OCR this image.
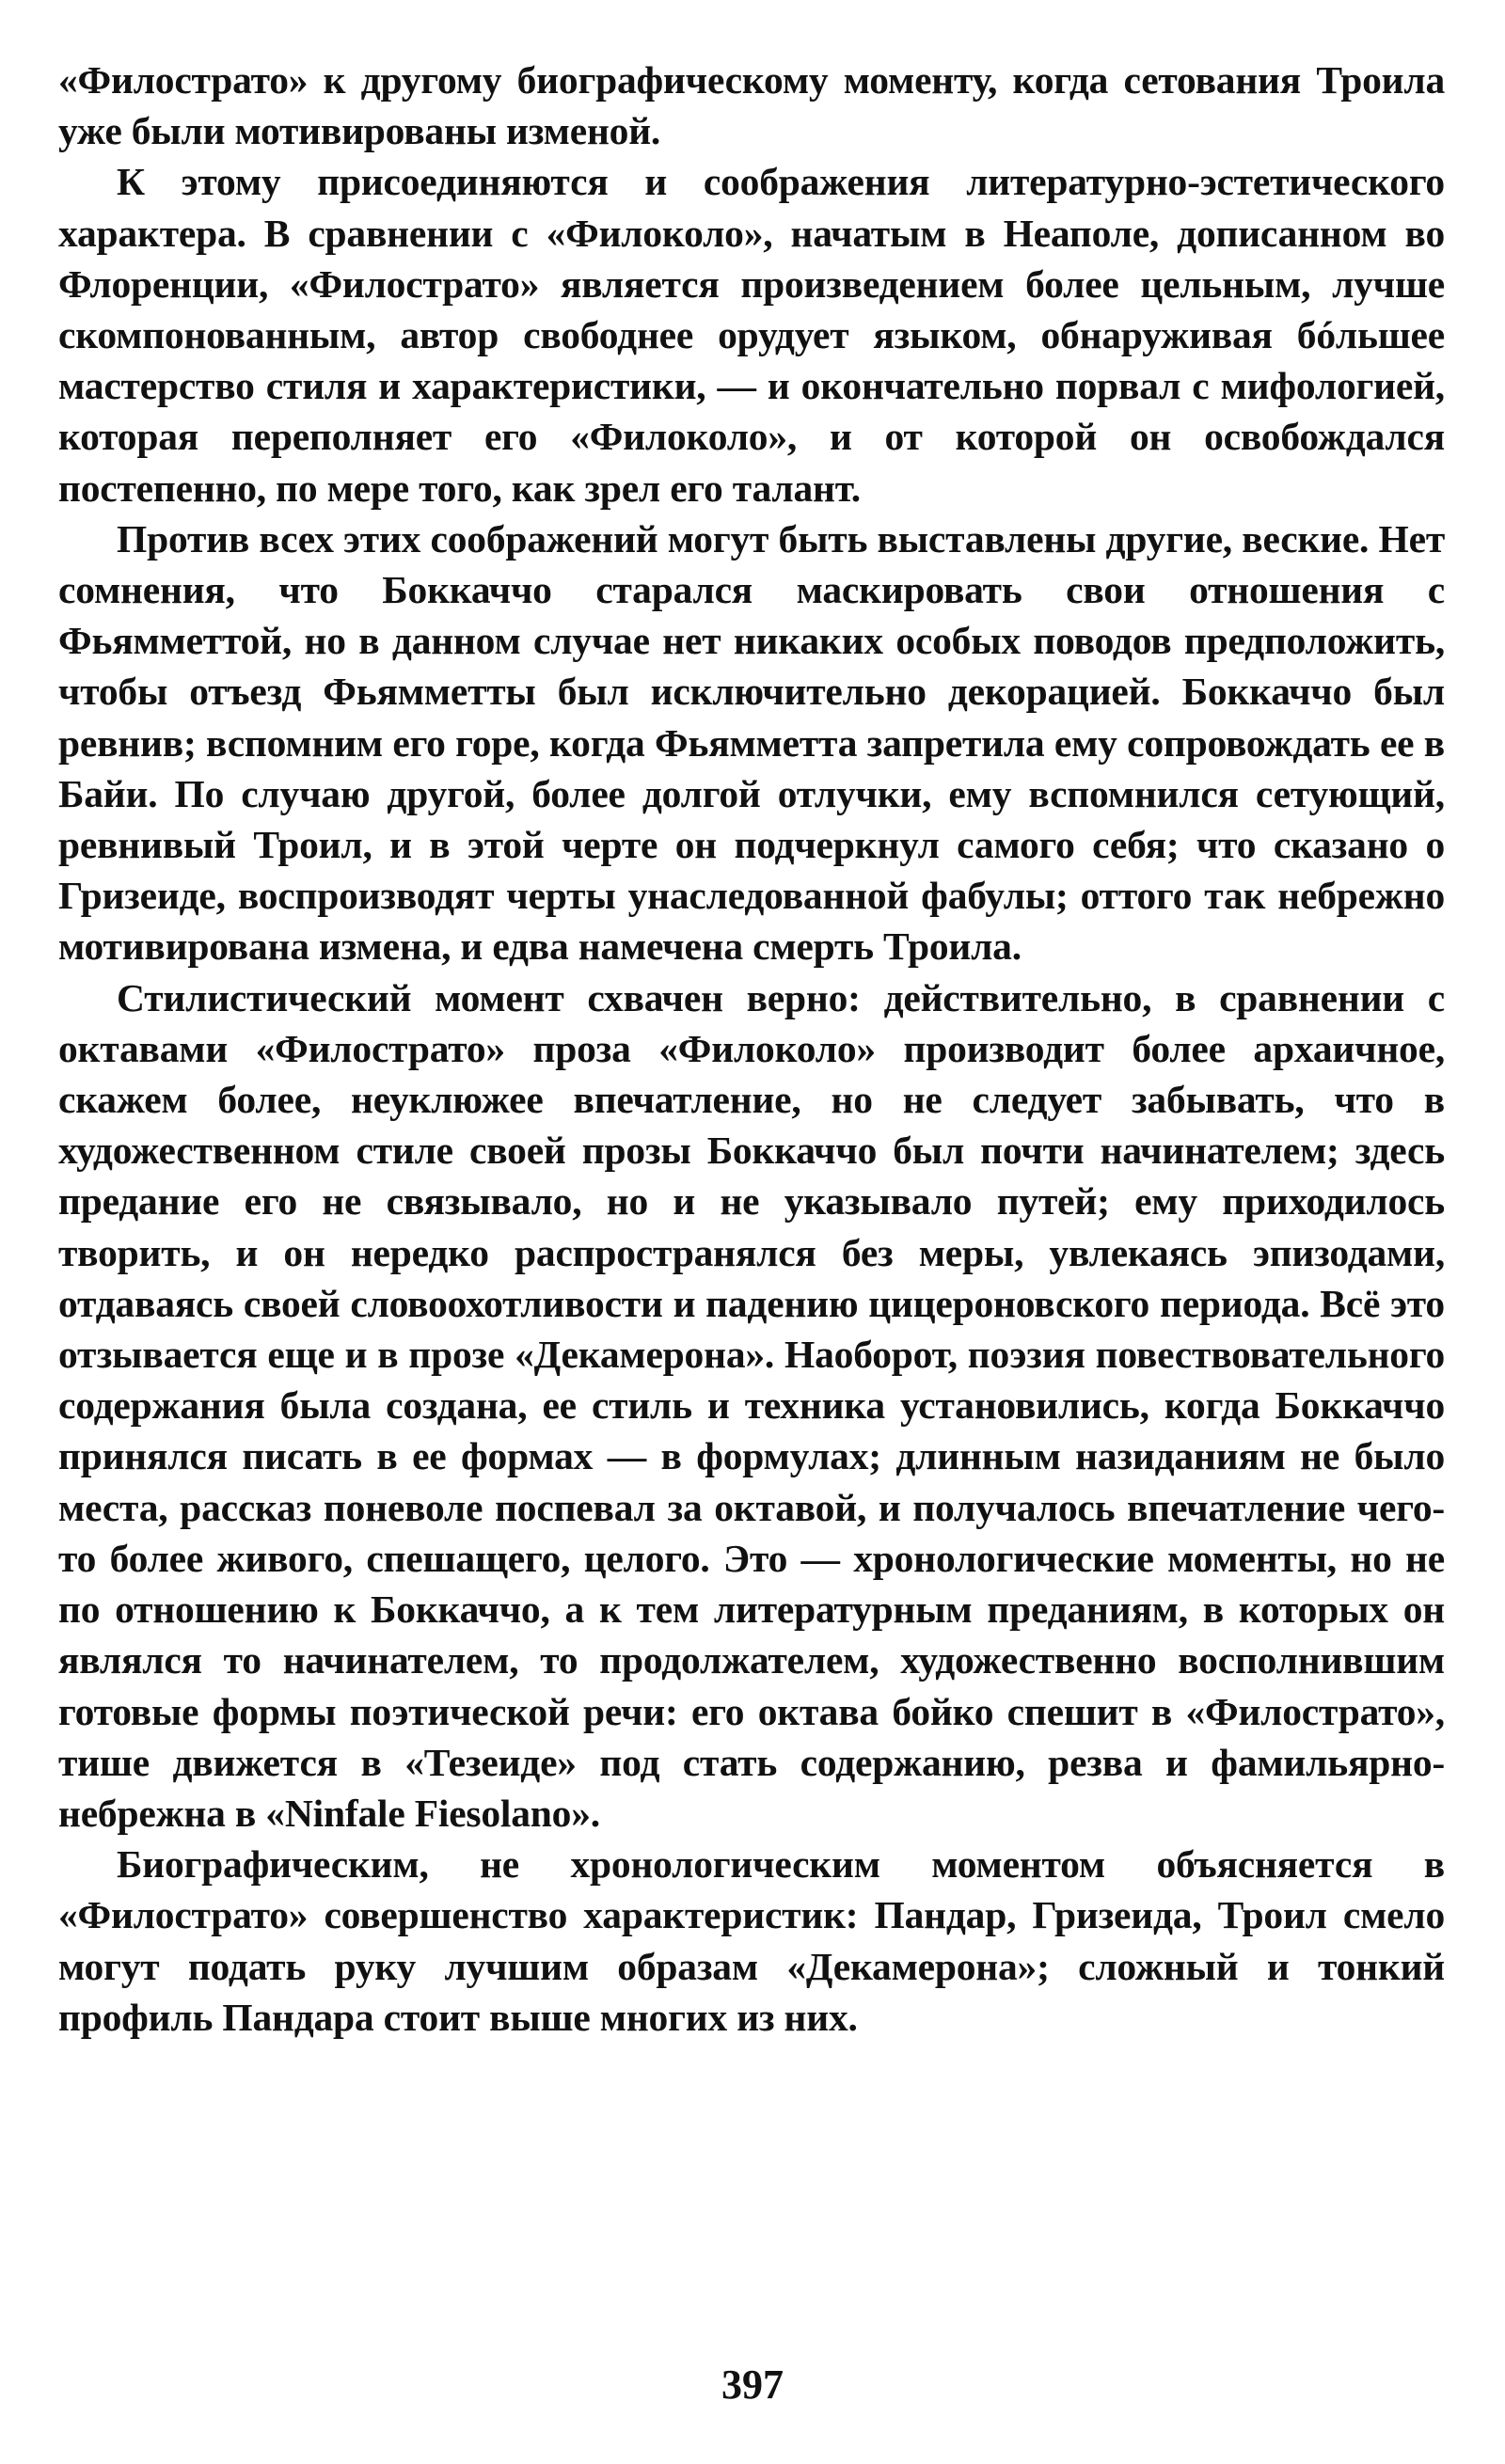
«Филострато» к другому биографическому моменту, когда сетования Троила уже были мотивированы изменой.

К этому присоединяются и соображения литературно-эстетического характера. В сравнении с «Филоколо», начатым в Неаполе, дописанном во Флоренции, «Филострато» является произведением более цельным, лучше скомпонованным, автор свободнее орудует языком, обнаруживая бóльшее мастерство стиля и характеристики, — и окончательно порвал с мифологией, которая переполняет его «Филоколо», и от которой он освобождался постепенно, по мере того, как зрел его талант.

Против всех этих соображений могут быть выставлены другие, веские. Нет сомнения, что Боккаччо старался маскировать свои отношения с Фьямметтой, но в данном случае нет никаких особых поводов предположить, чтобы отъезд Фьямметты был исключительно декорацией. Боккаччо был ревнив; вспомним его горе, когда Фьямметта запретила ему сопровождать ее в Байи. По случаю другой, более долгой отлучки, ему вспомнился сетующий, ревнивый Троил, и в этой черте он подчеркнул самого себя; что сказано о Гризеиде, воспроизводят черты унаследованной фабулы; оттого так небрежно мотивирована измена, и едва намечена смерть Троила.

Стилистический момент схвачен верно: действительно, в сравнении с октавами «Филострато» проза «Филоколо» производит более архаичное, скажем более, неуклюжее впечатление, но не следует забывать, что в художественном стиле своей прозы Боккаччо был почти начинателем; здесь предание его не связывало, но и не указывало путей; ему приходилось творить, и он нередко распространялся без меры, увлекаясь эпизодами, отдаваясь своей словоохотливости и падению цицероновского периода. Всё это отзывается еще и в прозе «Декамерона». Наоборот, поэзия повествовательного содержания была создана, ее стиль и техника установились, когда Боккаччо принялся писать в ее формах — в формулах; длинным назиданиям не было места, рассказ поневоле поспевал за октавой, и получалось впечатление чего-то более живого, спешащего, целого. Это — хронологические моменты, но не по отношению к Боккаччо, а к тем литературным преданиям, в которых он являлся то начинателем, то продолжателем, художественно восполнившим готовые формы поэтической речи: его октава бойко спешит в «Филострато», тише движется в «Тезеиде» под стать содержанию, резва и фамильярно-небрежна в «Ninfale Fiesolano».

Биографическим, не хронологическим моментом объясняется в «Филострато» совершенство характеристик: Пандар, Гризеида, Троил смело могут подать руку лучшим образам «Декамерона»; сложный и тонкий профиль Пандара стоит выше многих из них.

397
